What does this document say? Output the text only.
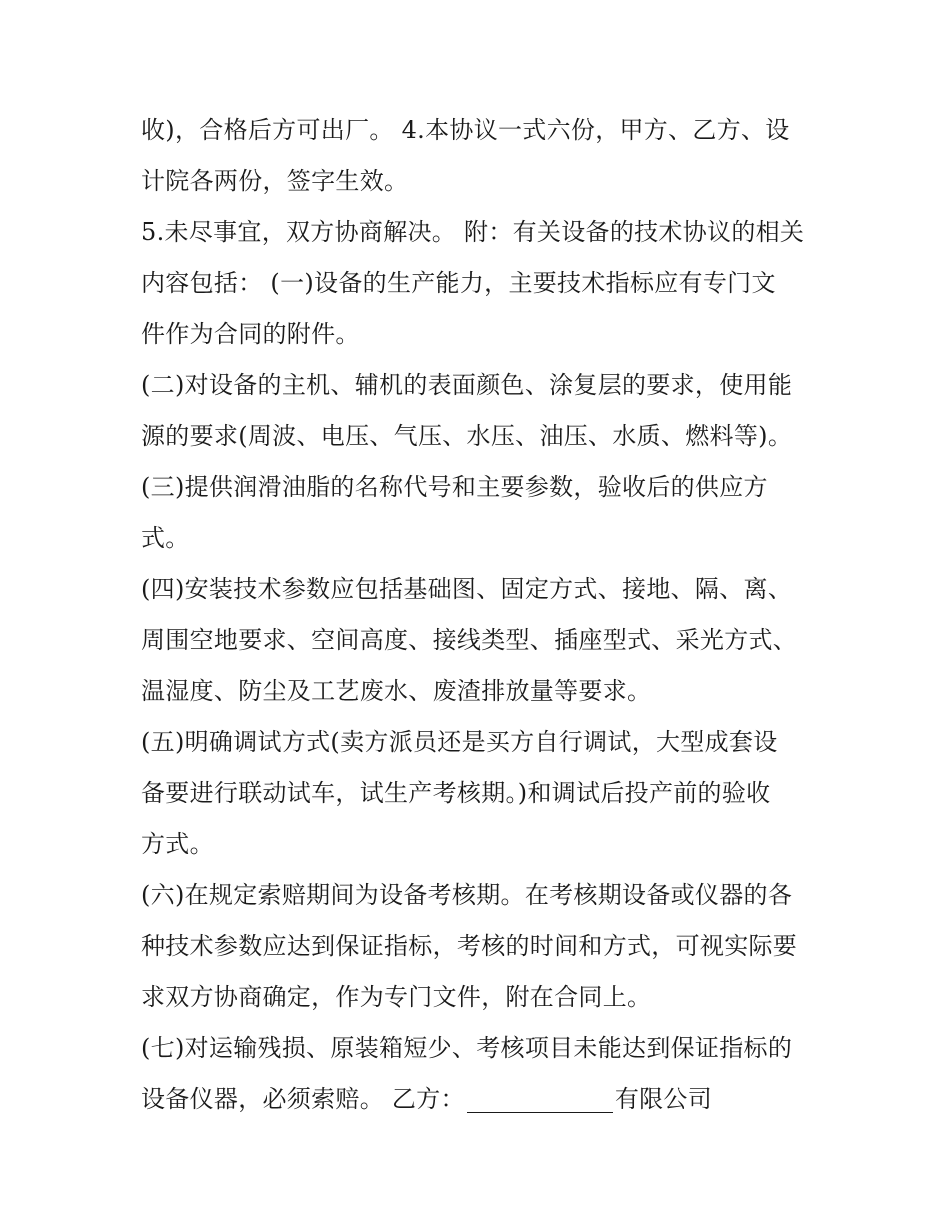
收)，合格后方可出厂。 4.本协议一式六份，甲方、乙方、设
计院各两份，签字生效。
5.未尽事宜，双方协商解决。 附：有关设备的技术协议的相关
内容包括： (一)设备的生产能力，主要技术指标应有专门文
件作为合同的附件。
(二)对设备的主机、辅机的表面颜色、涂复层的要求，使用能
源的要求(周波、电压、气压、水压、油压、水质、燃料等)。
(三)提供润滑油脂的名称代号和主要参数，验收后的供应方
式。
(四)安装技术参数应包括基础图、固定方式、接地、隔、离、
周围空地要求、空间高度、接线类型、插座型式、采光方式、
温湿度、防尘及工艺废水、废渣排放量等要求。
(五)明确调试方式(卖方派员还是买方自行调试，大型成套设
备要进行联动试车，试生产考核期。)和调试后投产前的验收
方式。
(六)在规定索赔期间为设备考核期。在考核期设备或仪器的各
种技术参数应达到保证指标，考核的时间和方式，可视实际要
求双方协商确定，作为专门文件，附在合同上。
(七)对运输残损、原装箱短少、考核项目未能达到保证指标的
设备仪器，必须索赔。 乙方：	有限公司
